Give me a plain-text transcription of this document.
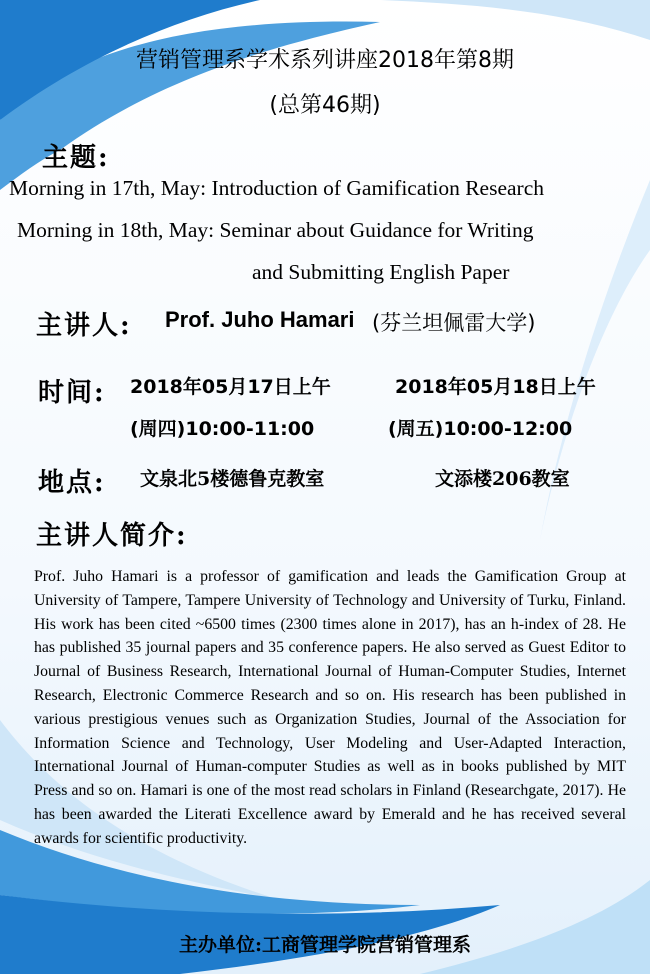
营销管理系学术系列讲座2018年第8期
(总第46期)
主题:
Morning in 17th, May: Introduction of Gamification Research
Morning in 18th, May: Seminar about Guidance for Writing
and Submitting English Paper
主讲人: Prof. Juho Hamari (芬兰坦佩雷大学)
时间: 2018年05月17日上午	2018年05月18日上午
(周四)10:00-11:00	(周五)10:00-12:00
地点: 文泉北5楼德鲁克教室	文添楼206教室
主讲人简介:
Prof. Juho Hamari is a professor of gamification and leads the Gamification Group at University of Tampere, Tampere University of Technology and University of Turku, Finland. His work has been cited ~6500 times (2300 times alone in 2017), has an h-index of 28. He has published 35 journal papers and 35 conference papers. He also served as Guest Editor to Journal of Business Research, International Journal of Human-Computer Studies, Internet Research, Electronic Commerce Research and so on. His research has been published in various prestigious venues such as Organization Studies, Journal of the Association for Information Science and Technology, User Modeling and User-Adapted Interaction, International Journal of Human-computer Studies as well as in books published by MIT Press and so on. Hamari is one of the most read scholars in Finland (Researchgate, 2017). He has been awarded the Literati Excellence award by Emerald and he has received several awards for scientific productivity.
主办单位:工商管理学院营销管理系
